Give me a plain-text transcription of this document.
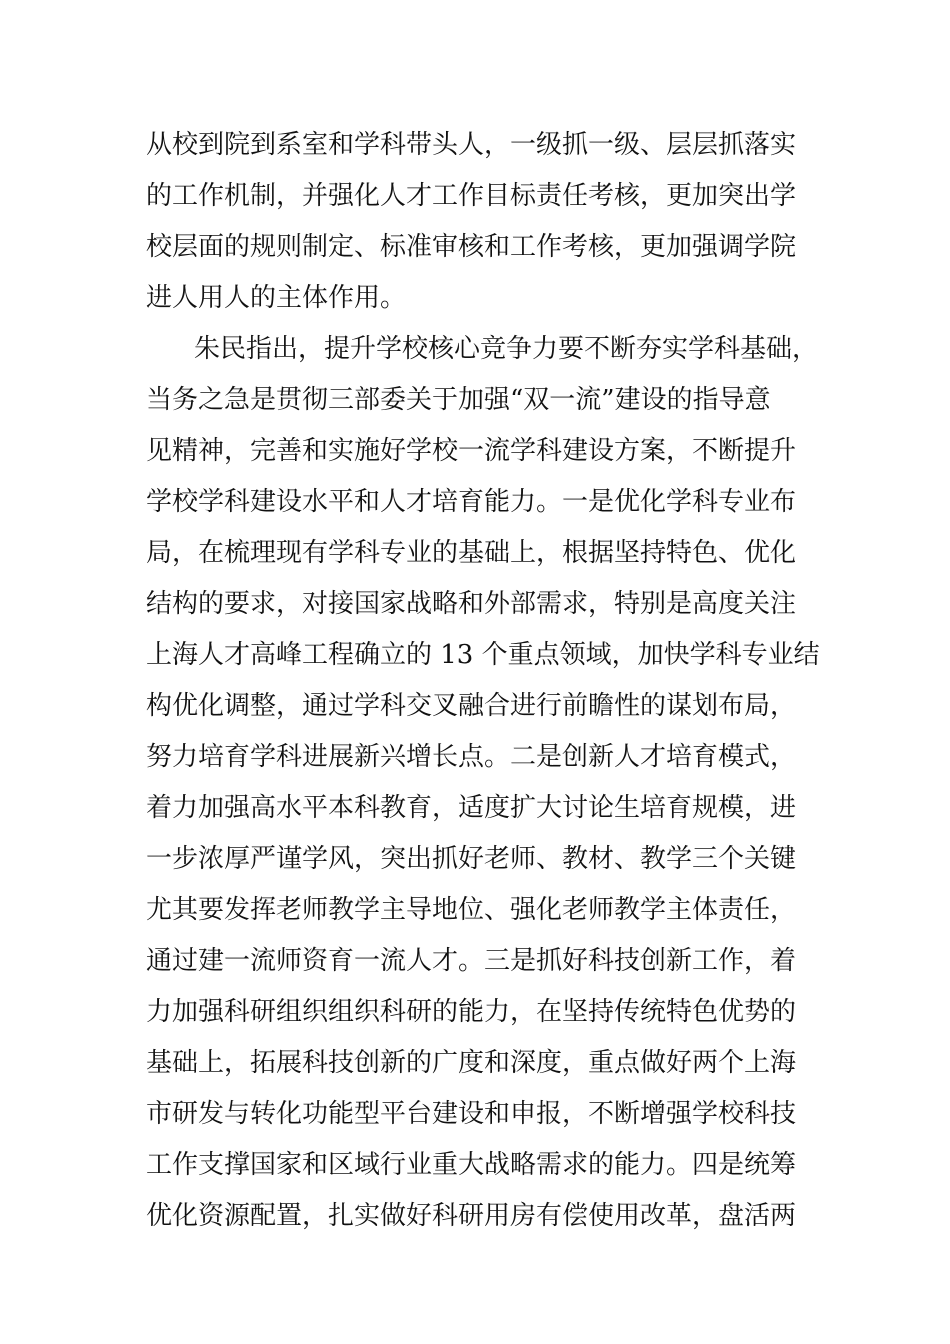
从校到院到系室和学科带头人，一级抓一级、层层抓落实
的工作机制，并强化人才工作目标责任考核，更加突出学
校层面的规则制定、标准审核和工作考核，更加强调学院
进人用人的主体作用。
朱民指出，提升学校核心竞争力要不断夯实学科基础，
当务之急是贯彻三部委关于加强“双一流”建设的指导意
见精神，完善和实施好学校一流学科建设方案，不断提升
学校学科建设水平和人才培育能力。一是优化学科专业布
局，在梳理现有学科专业的基础上，根据坚持特色、优化
结构的要求，对接国家战略和外部需求，特别是高度关注
上海人才高峰工程确立的 13 个重点领域，加快学科专业结
构优化调整，通过学科交叉融合进行前瞻性的谋划布局，
努力培育学科进展新兴增长点。二是创新人才培育模式，
着力加强高水平本科教育，适度扩大讨论生培育规模，进
一步浓厚严谨学风，突出抓好老师、教材、教学三个关键
尤其要发挥老师教学主导地位、强化老师教学主体责任，
通过建一流师资育一流人才。三是抓好科技创新工作，着
力加强科研组织组织科研的能力，在坚持传统特色优势的
基础上，拓展科技创新的广度和深度，重点做好两个上海
市研发与转化功能型平台建设和申报，不断增强学校科技
工作支撑国家和区域行业重大战略需求的能力。四是统筹
优化资源配置，扎实做好科研用房有偿使用改革，盘活两
